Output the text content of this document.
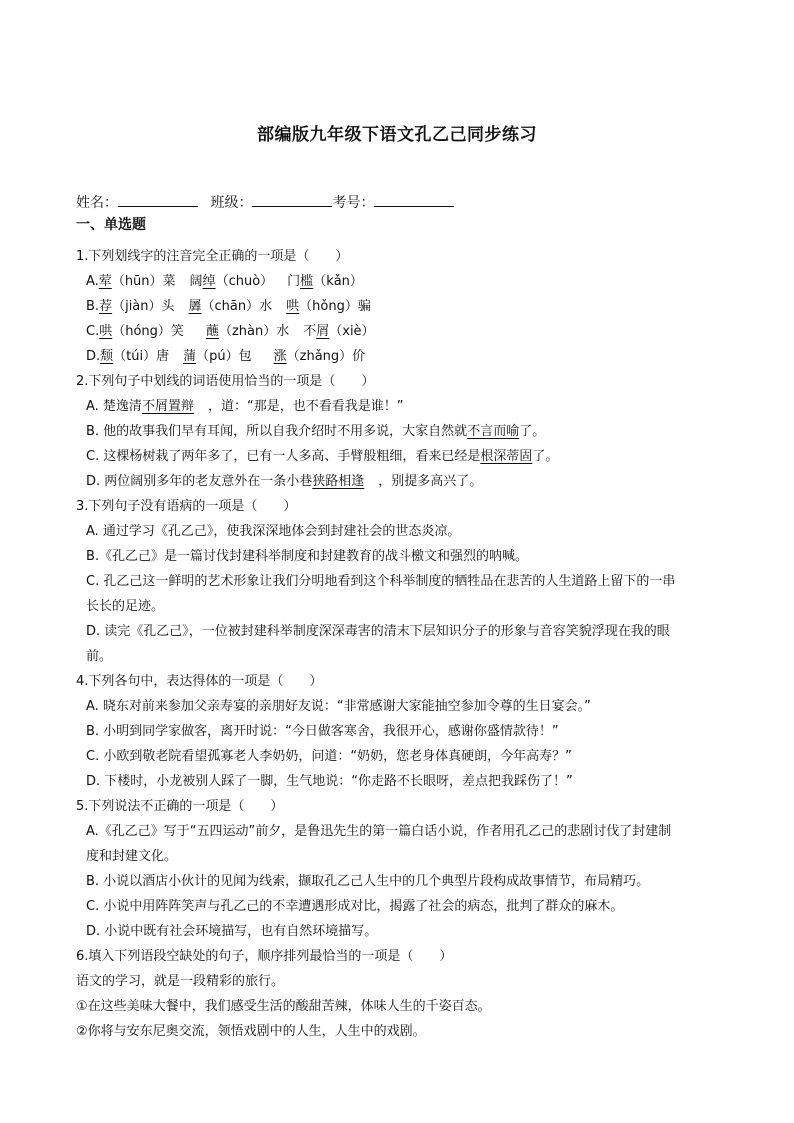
部编版九年级下语文孔乙己同步练习
姓名：	班级：	考号：
一、单选题

1.下列划线字的注音完全正确的一项是（　　）

A.荤（hūn）菜 阔绰（chuò） 门槛（kǎn）

B.荐（jiàn）头 羼（chān）水 哄（hǒng）骗

C.哄（hóng）笑 蘸（zhàn）水 不屑（xiè）

D.颓（túi）唐 蒲（pú）包 涨（zhǎng）价

2.下列句子中划线的词语使用恰当的一项是（　　）

A. 楚逸清不屑置辩 ，道：“那是，也不看看我是谁！”

B. 他的故事我们早有耳闻，所以自我介绍时不用多说，大家自然就不言而喻了。

C. 这棵杨树栽了两年多了，已有一人多高、手臂般粗细，看来已经是根深蒂固了。

D. 两位阔别多年的老友意外在一条小巷狭路相逢 ，别提多高兴了。

3.下列句子没有语病的一项是（　　）

A. 通过学习《孔乙己》，使我深深地体会到封建社会的世态炎凉。

B.《孔乙己》是一篇讨伐封建科举制度和封建教育的战斗檄文和强烈的呐喊。

C. 孔乙己这一鲜明的艺术形象让我们分明地看到这个科举制度的牺牲品在悲苦的人生道路上留下的一串

长长的足迹。

D. 读完《孔乙己》，一位被封建科举制度深深毒害的清末下层知识分子的形象与音容笑貌浮现在我的眼

前。

4.下列各句中，表达得体的一项是（　　）

A. 晓东对前来参加父亲寿宴的亲朋好友说：“非常感谢大家能抽空参加令尊的生日宴会。”

B. 小明到同学家做客，离开时说：“今日做客寒舍，我很开心，感谢你盛情款待！”

C. 小欧到敬老院看望孤寡老人李奶奶，问道：“奶奶，您老身体真硬朗，今年高寿？”

D. 下楼时，小龙被别人踩了一脚，生气地说：“你走路不长眼呀，差点把我踩伤了！”

5.下列说法不正确的一项是（　　）

A.《孔乙己》写于“五四运动”前夕，是鲁迅先生的第一篇白话小说，作者用孔乙己的悲剧讨伐了封建制

度和封建文化。

B. 小说以酒店小伙计的见闻为线索，撷取孔乙己人生中的几个典型片段构成故事情节，布局精巧。

C. 小说中用阵阵笑声与孔乙己的不幸遭遇形成对比，揭露了社会的病态，批判了群众的麻木。

D. 小说中既有社会环境描写，也有自然环境描写。

6.填入下列语段空缺处的句子，顺序排列最恰当的一项是（　　）

语文的学习，就是一段精彩的旅行。

①在这些美味大餐中，我们感受生活的酸甜苦辣，体味人生的千姿百态。

②你将与安东尼奥交流，领悟戏剧中的人生，人生中的戏剧。
